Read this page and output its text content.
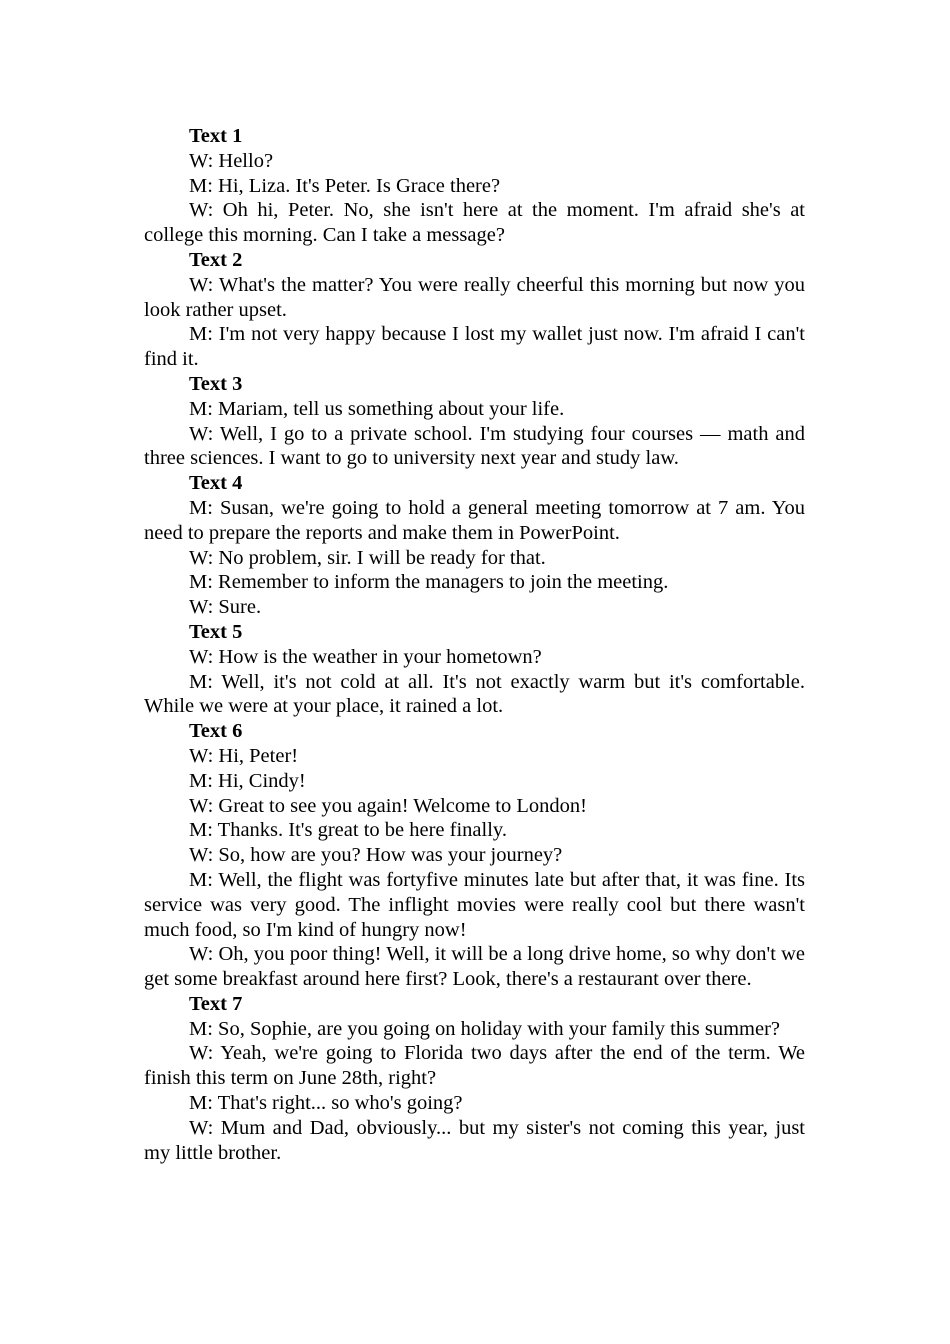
Text 1

W: Hello?

M: Hi, Liza. It's Peter. Is Grace there?

W: Oh hi, Peter. No, she isn't here at the moment. I'm afraid she's at college this morning. Can I take a message?

Text 2

W: What's the matter? You were really cheerful this morning but now you look rather upset.

M: I'm not very happy because I lost my wallet just now. I'm afraid I can't find it.

Text 3

M: Mariam, tell us something about your life.

W: Well, I go to a private school. I'm studying four courses — math and three sciences. I want to go to university next year and study law.

Text 4

M: Susan, we're going to hold a general meeting tomorrow at 7 am. You need to prepare the reports and make them in PowerPoint.

W: No problem, sir. I will be ready for that.

M: Remember to inform the managers to join the meeting.

W: Sure.

Text 5

W: How is the weather in your hometown?

M: Well, it's not cold at all. It's not exactly warm but it's comfortable. While we were at your place, it rained a lot.

Text 6

W: Hi, Peter!

M: Hi, Cindy!

W: Great to see you again! Welcome to London!

M: Thanks. It's great to be here finally.

W: So, how are you? How was your journey?

M: Well, the flight was fortyfive minutes late but after that, it was fine. Its service was very good. The inflight movies were really cool but there wasn't much food, so I'm kind of hungry now!

W: Oh, you poor thing! Well, it will be a long drive home, so why don't we get some breakfast around here first? Look, there's a restaurant over there.

Text 7

M: So, Sophie, are you going on holiday with your family this summer?

W: Yeah, we're going to Florida two days after the end of the term. We finish this term on June 28th, right?

M: That's right... so who's going?

W: Mum and Dad, obviously... but my sister's not coming this year, just my little brother.
